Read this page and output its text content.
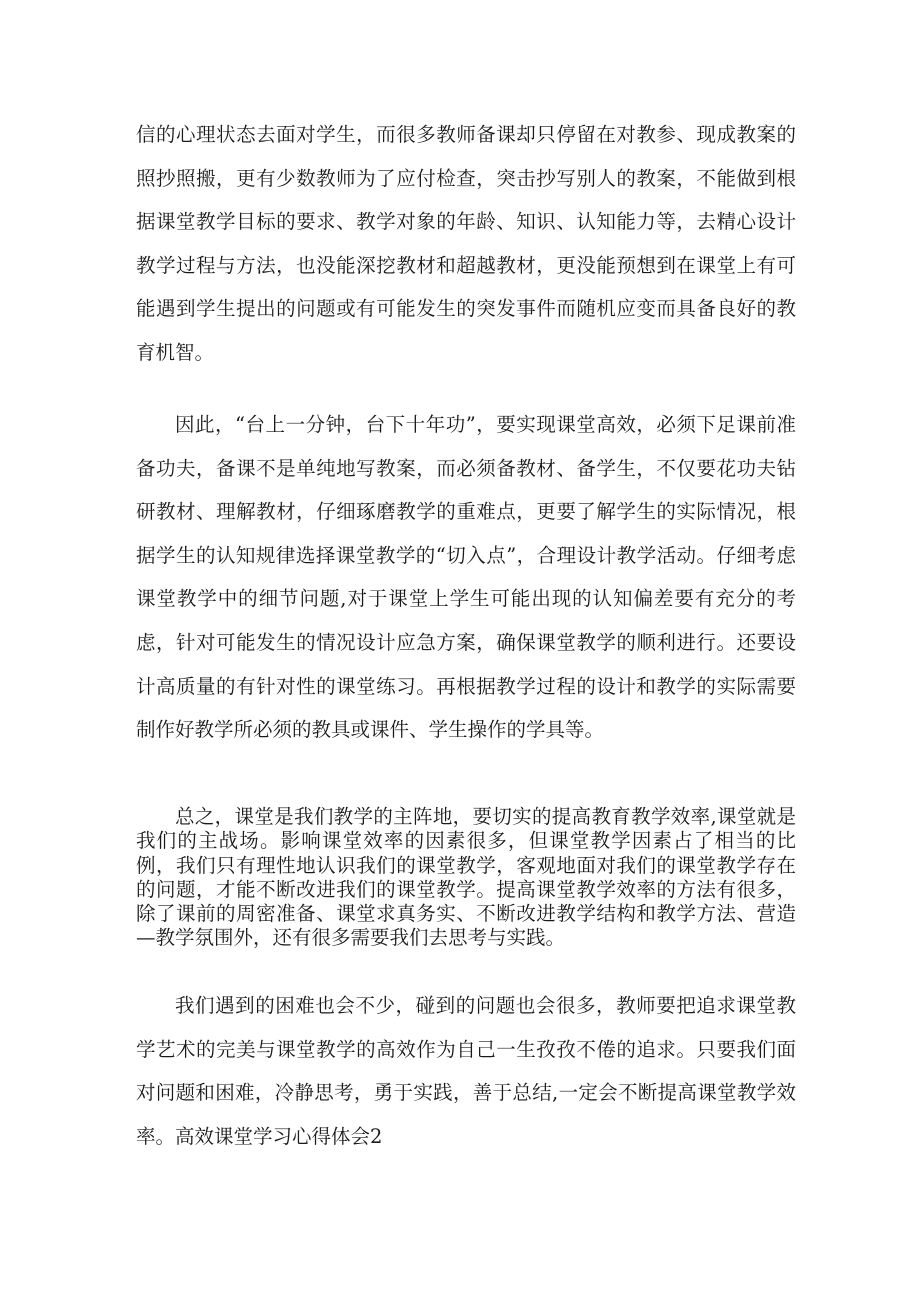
信的心理状态去面对学生，而很多教师备课却只停留在对教参、现成教案的照抄照搬，更有少数教师为了应付检查，突击抄写别人的教案，不能做到根据课堂教学目标的要求、教学对象的年龄、知识、认知能力等，去精心设计教学过程与方法，也没能深挖教材和超越教材，更没能预想到在课堂上有可能遇到学生提出的问题或有可能发生的突发事件而随机应变而具备良好的教育机智。

因此，“台上一分钟，台下十年功”，要实现课堂高效，必须下足课前准备功夫，备课不是单纯地写教案，而必须备教材、备学生，不仅要花功夫钻研教材、理解教材，仔细琢磨教学的重难点，更要了解学生的实际情况，根据学生的认知规律选择课堂教学的“切入点”，合理设计教学活动。仔细考虑课堂教学中的细节问题,对于课堂上学生可能出现的认知偏差要有充分的考虑，针对可能发生的情况设计应急方案，确保课堂教学的顺利进行。还要设计高质量的有针对性的课堂练习。再根据教学过程的设计和教学的实际需要制作好教学所必须的教具或课件、学生操作的学具等。

总之，课堂是我们教学的主阵地，要切实的提高教育教学效率,课堂就是我们的主战场。影响课堂效率的因素很多，但课堂教学因素占了相当的比例，我们只有理性地认识我们的课堂教学，客观地面对我们的课堂教学存在的问题，才能不断改进我们的课堂教学。提高课堂教学效率的方法有很多，除了课前的周密准备、课堂求真务实、不断改进教学结构和教学方法、营造—教学氛围外，还有很多需要我们去思考与实践。

我们遇到的困难也会不少，碰到的问题也会很多，教师要把追求课堂教学艺术的完美与课堂教学的高效作为自己一生孜孜不倦的追求。只要我们面对问题和困难，冷静思考，勇于实践，善于总结,一定会不断提高课堂教学效率。高效课堂学习心得体会2
